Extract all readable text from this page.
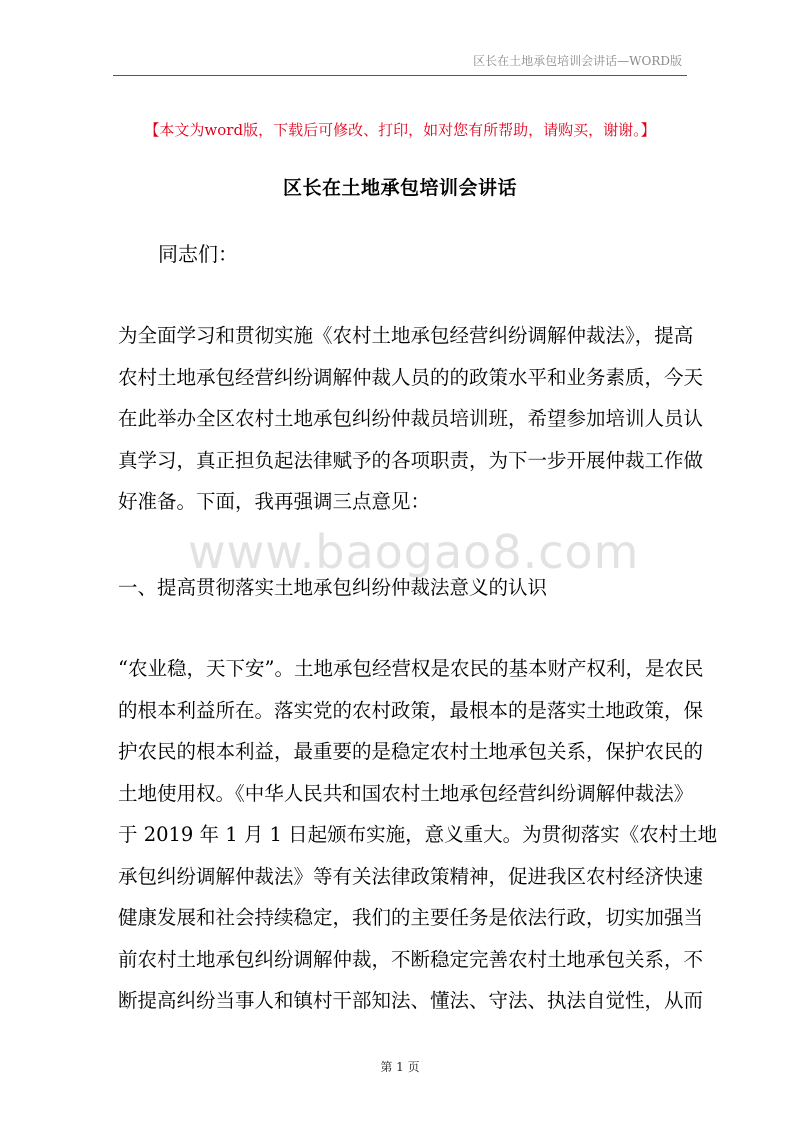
区长在土地承包培训会讲话—WORD版
【本文为word版，下载后可修改、打印，如对您有所帮助，请购买，谢谢。】
区长在土地承包培训会讲话
同志们：
为全面学习和贯彻实施《农村土地承包经营纠纷调解仲裁法》，提高
农村土地承包经营纠纷调解仲裁人员的的政策水平和业务素质，今天
在此举办全区农村土地承包纠纷仲裁员培训班，希望参加培训人员认
真学习，真正担负起法律赋予的各项职责，为下一步开展仲裁工作做
好准备。下面，我再强调三点意见：
www.baogao8.com
一、提高贯彻落实土地承包纠纷仲裁法意义的认识
“农业稳，天下安”。土地承包经营权是农民的基本财产权利，是农民
的根本利益所在。落实党的农村政策，最根本的是落实土地政策，保
护农民的根本利益，最重要的是稳定农村土地承包关系，保护农民的
土地使用权。《中华人民共和国农村土地承包经营纠纷调解仲裁法》
于 2019 年 1 月 1 日起颁布实施，意义重大。为贯彻落实《农村土地
承包纠纷调解仲裁法》等有关法律政策精神，促进我区农村经济快速
健康发展和社会持续稳定，我们的主要任务是依法行政，切实加强当
前农村土地承包纠纷调解仲裁，不断稳定完善农村土地承包关系，不
断提高纠纷当事人和镇村干部知法、懂法、守法、执法自觉性，从而
第 1 页
